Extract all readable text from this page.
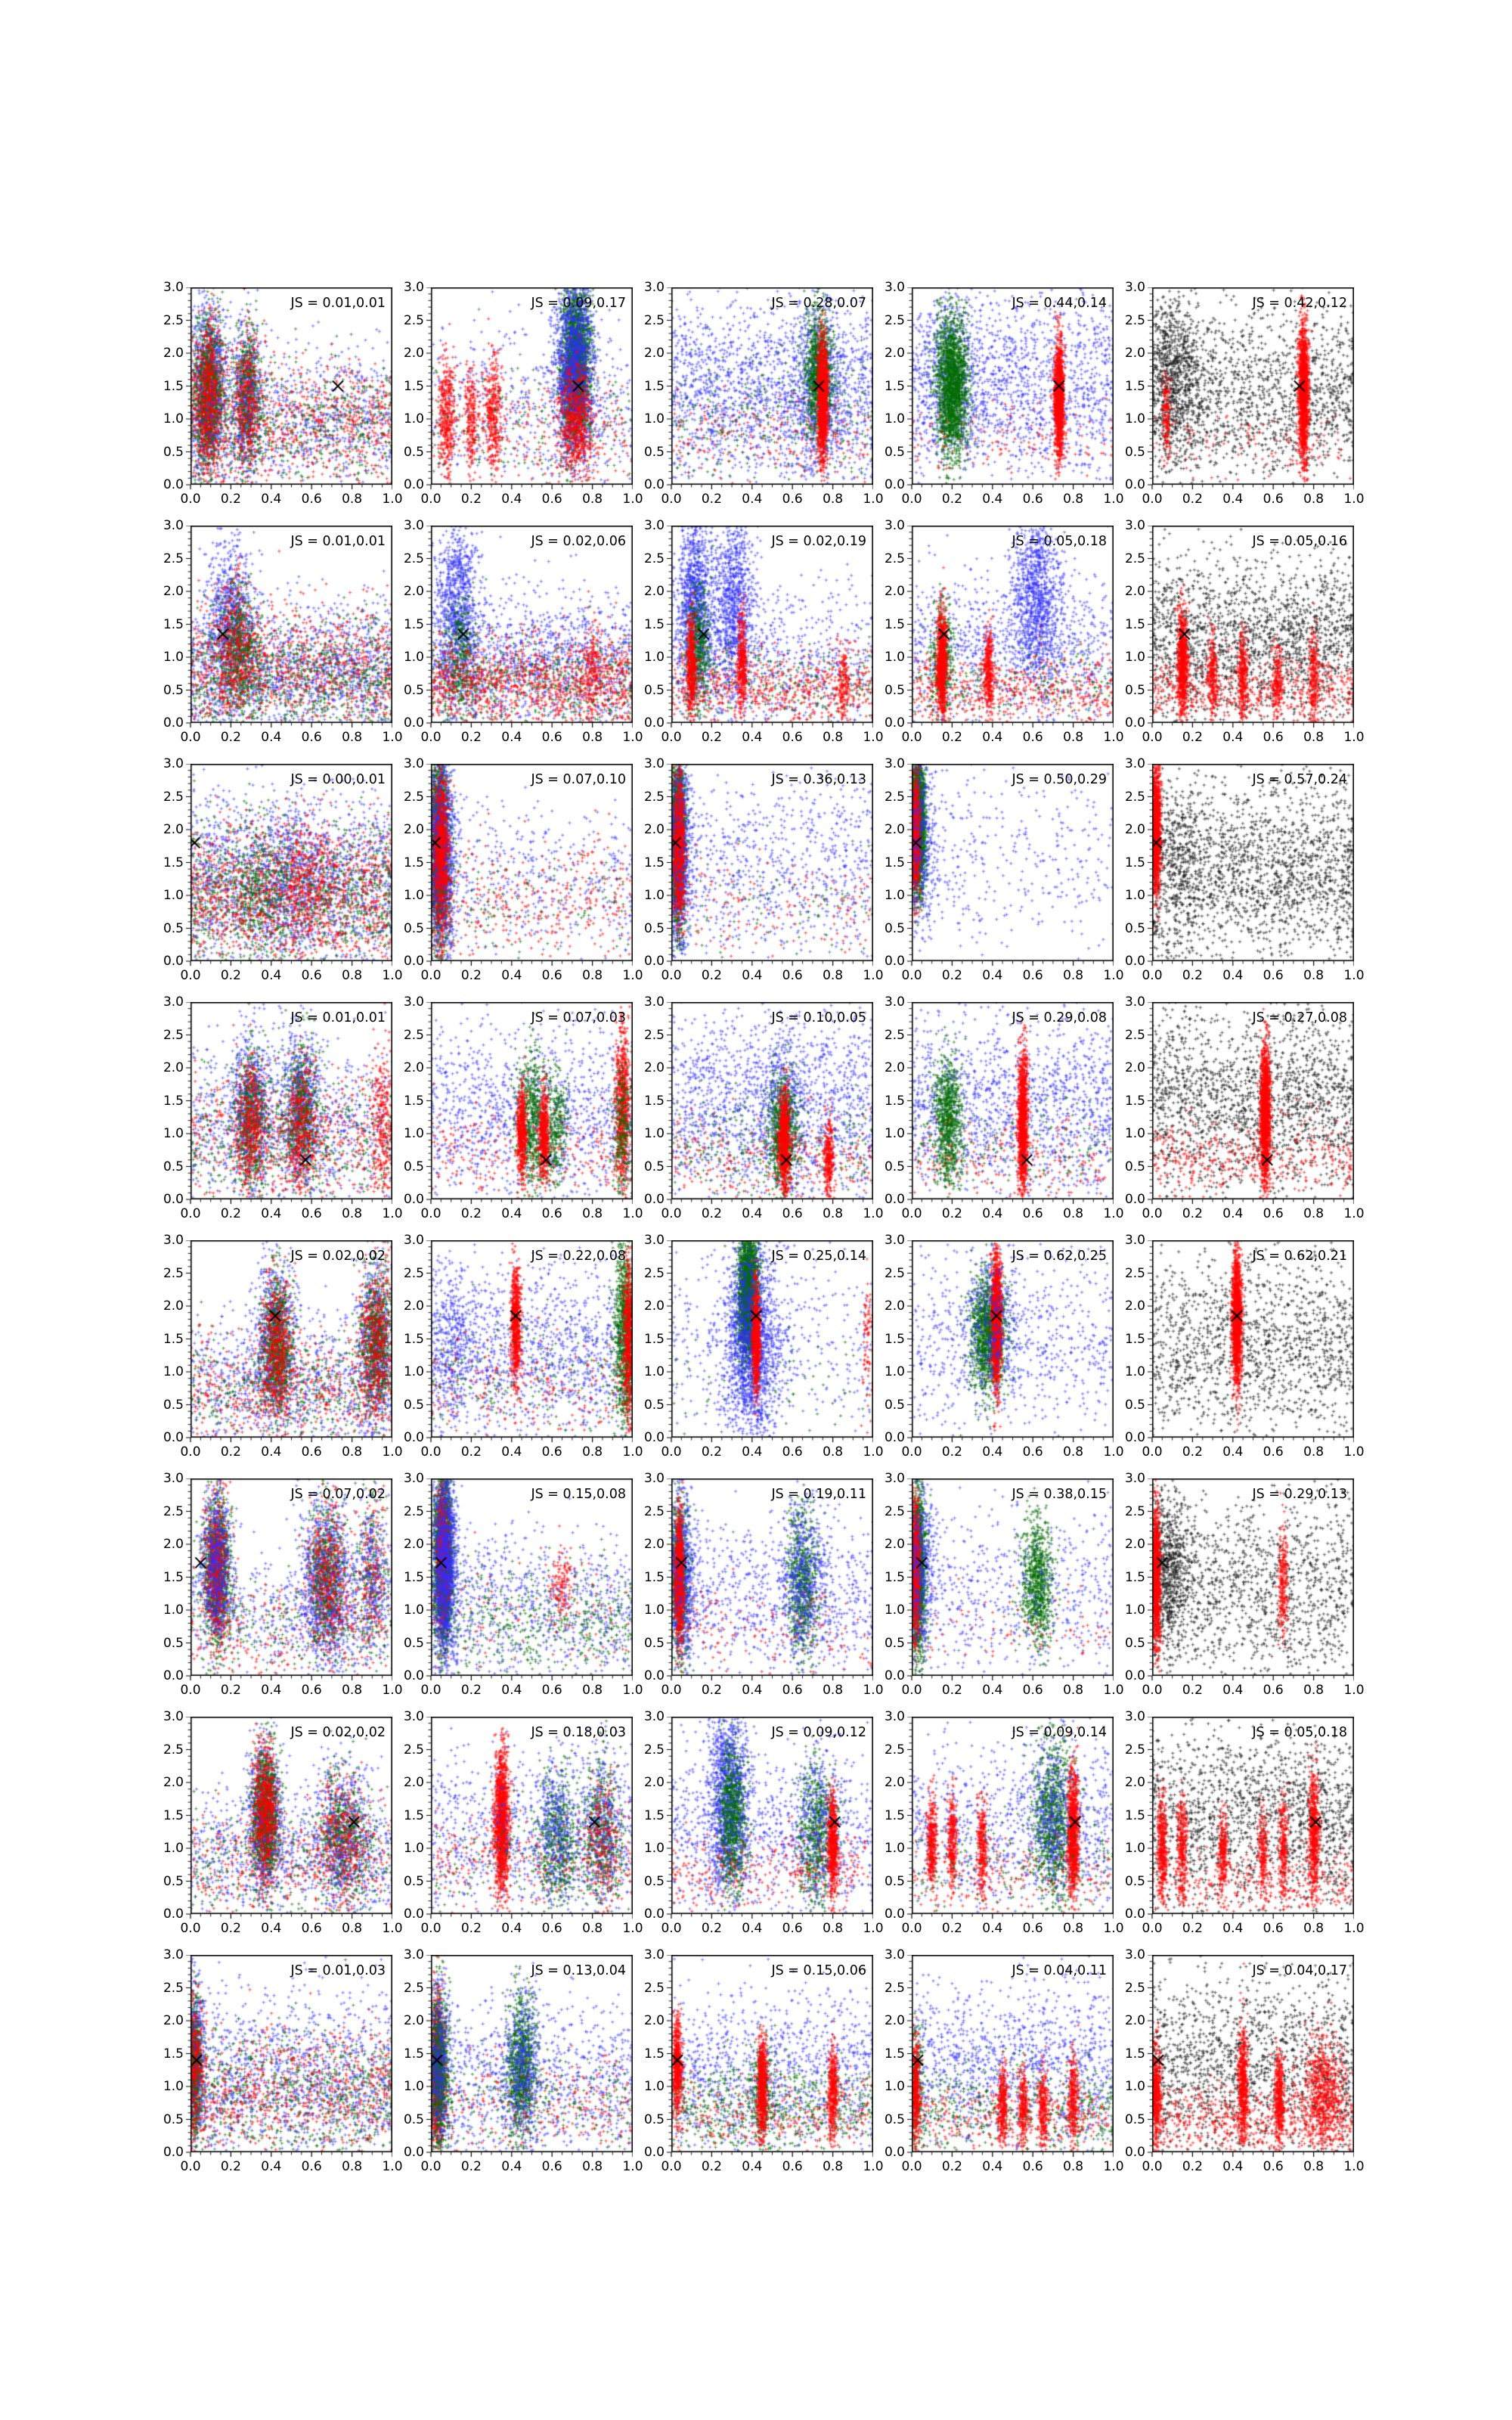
JS = 0.01,0.01
0.0 0.2 0.4 0.6 0.8 1.0
0.0
0.5
1.0
1.5
2.0
2.5
3.0
JS = 0.09,0.17
0.0 0.2 0.4 0.6 0.8 1.0
0.0
0.5
1.0
1.5
2.0
2.5
3.0
JS = 0.28,0.07
0.0 0.2 0.4 0.6 0.8 1.0
0.0
0.5
1.0
1.5
2.0
2.5
3.0
JS = 0.44,0.14
0.0 0.2 0.4 0.6 0.8 1.0
0.0
0.5
1.0
1.5
2.0
2.5
3.0
JS = 0.42,0.12
0.0 0.2 0.4 0.6 0.8 1.0
0.0
0.5
1.0
1.5
2.0
2.5
3.0
JS = 0.01,0.01
0.0 0.2 0.4 0.6 0.8 1.0
0.0
0.5
1.0
1.5
2.0
2.5
3.0
JS = 0.02,0.06
0.0 0.2 0.4 0.6 0.8 1.0
0.0
0.5
1.0
1.5
2.0
2.5
3.0
JS = 0.02,0.19
0.0 0.2 0.4 0.6 0.8 1.0
0.0
0.5
1.0
1.5
2.0
2.5
3.0
JS = 0.05,0.18
0.0 0.2 0.4 0.6 0.8 1.0
0.0
0.5
1.0
1.5
2.0
2.5
3.0
JS = 0.05,0.16
0.0 0.2 0.4 0.6 0.8 1.0
0.0
0.5
1.0
1.5
2.0
2.5
3.0
JS = 0.00,0.01
0.0 0.2 0.4 0.6 0.8 1.0
0.0
0.5
1.0
1.5
2.0
2.5
3.0
JS = 0.07,0.10
0.0 0.2 0.4 0.6 0.8 1.0
0.0
0.5
1.0
1.5
2.0
2.5
3.0
JS = 0.36,0.13
0.0 0.2 0.4 0.6 0.8 1.0
0.0
0.5
1.0
1.5
2.0
2.5
3.0
JS = 0.50,0.29
0.0 0.2 0.4 0.6 0.8 1.0
0.0
0.5
1.0
1.5
2.0
2.5
3.0
JS = 0.57,0.24
0.0 0.2 0.4 0.6 0.8 1.0
0.0
0.5
1.0
1.5
2.0
2.5
3.0
JS = 0.01,0.01
0.0 0.2 0.4 0.6 0.8 1.0
0.0
0.5
1.0
1.5
2.0
2.5
3.0
JS = 0.07,0.03
0.0 0.2 0.4 0.6 0.8 1.0
0.0
0.5
1.0
1.5
2.0
2.5
3.0
JS = 0.10,0.05
0.0 0.2 0.4 0.6 0.8 1.0
0.0
0.5
1.0
1.5
2.0
2.5
3.0
JS = 0.29,0.08
0.0 0.2 0.4 0.6 0.8 1.0
0.0
0.5
1.0
1.5
2.0
2.5
3.0
JS = 0.27,0.08
0.0 0.2 0.4 0.6 0.8 1.0
0.0
0.5
1.0
1.5
2.0
2.5
3.0
JS = 0.02,0.02
0.0 0.2 0.4 0.6 0.8 1.0
0.0
0.5
1.0
1.5
2.0
2.5
3.0
JS = 0.22,0.08
0.0 0.2 0.4 0.6 0.8 1.0
0.0
0.5
1.0
1.5
2.0
2.5
3.0
JS = 0.25,0.14
0.0 0.2 0.4 0.6 0.8 1.0
0.0
0.5
1.0
1.5
2.0
2.5
3.0
JS = 0.62,0.25
0.0 0.2 0.4 0.6 0.8 1.0
0.0
0.5
1.0
1.5
2.0
2.5
3.0
JS = 0.62,0.21
0.0 0.2 0.4 0.6 0.8 1.0
0.0
0.5
1.0
1.5
2.0
2.5
3.0
JS = 0.07,0.02
0.0 0.2 0.4 0.6 0.8 1.0
0.0
0.5
1.0
1.5
2.0
2.5
3.0
JS = 0.15,0.08
0.0 0.2 0.4 0.6 0.8 1.0
0.0
0.5
1.0
1.5
2.0
2.5
3.0
JS = 0.19,0.11
0.0 0.2 0.4 0.6 0.8 1.0
0.0
0.5
1.0
1.5
2.0
2.5
3.0
JS = 0.38,0.15
0.0 0.2 0.4 0.6 0.8 1.0
0.0
0.5
1.0
1.5
2.0
2.5
3.0
JS = 0.29,0.13
0.0 0.2 0.4 0.6 0.8 1.0
0.0
0.5
1.0
1.5
2.0
2.5
3.0
JS = 0.02,0.02
0.0 0.2 0.4 0.6 0.8 1.0
0.0
0.5
1.0
1.5
2.0
2.5
3.0
JS = 0.18,0.03
0.0 0.2 0.4 0.6 0.8 1.0
0.0
0.5
1.0
1.5
2.0
2.5
3.0
JS = 0.09,0.12
0.0 0.2 0.4 0.6 0.8 1.0
0.0
0.5
1.0
1.5
2.0
2.5
3.0
JS = 0.09,0.14
0.0 0.2 0.4 0.6 0.8 1.0
0.0
0.5
1.0
1.5
2.0
2.5
3.0
JS = 0.05,0.18
0.0 0.2 0.4 0.6 0.8 1.0
0.0
0.5
1.0
1.5
2.0
2.5
3.0
JS = 0.01,0.03
0.0 0.2 0.4 0.6 0.8 1.0
0.0
0.5
1.0
1.5
2.0
2.5
3.0
JS = 0.13,0.04
0.0 0.2 0.4 0.6 0.8 1.0
0.0
0.5
1.0
1.5
2.0
2.5
3.0
JS = 0.15,0.06
0.0 0.2 0.4 0.6 0.8 1.0
0.0
0.5
1.0
1.5
2.0
2.5
3.0
JS = 0.04,0.11
0.0 0.2 0.4 0.6 0.8 1.0
0.0
0.5
1.0
1.5
2.0
2.5
3.0
JS = 0.04,0.17
0.0 0.2 0.4 0.6 0.8 1.0
0.0
0.5
1.0
1.5
2.0
2.5
3.0
